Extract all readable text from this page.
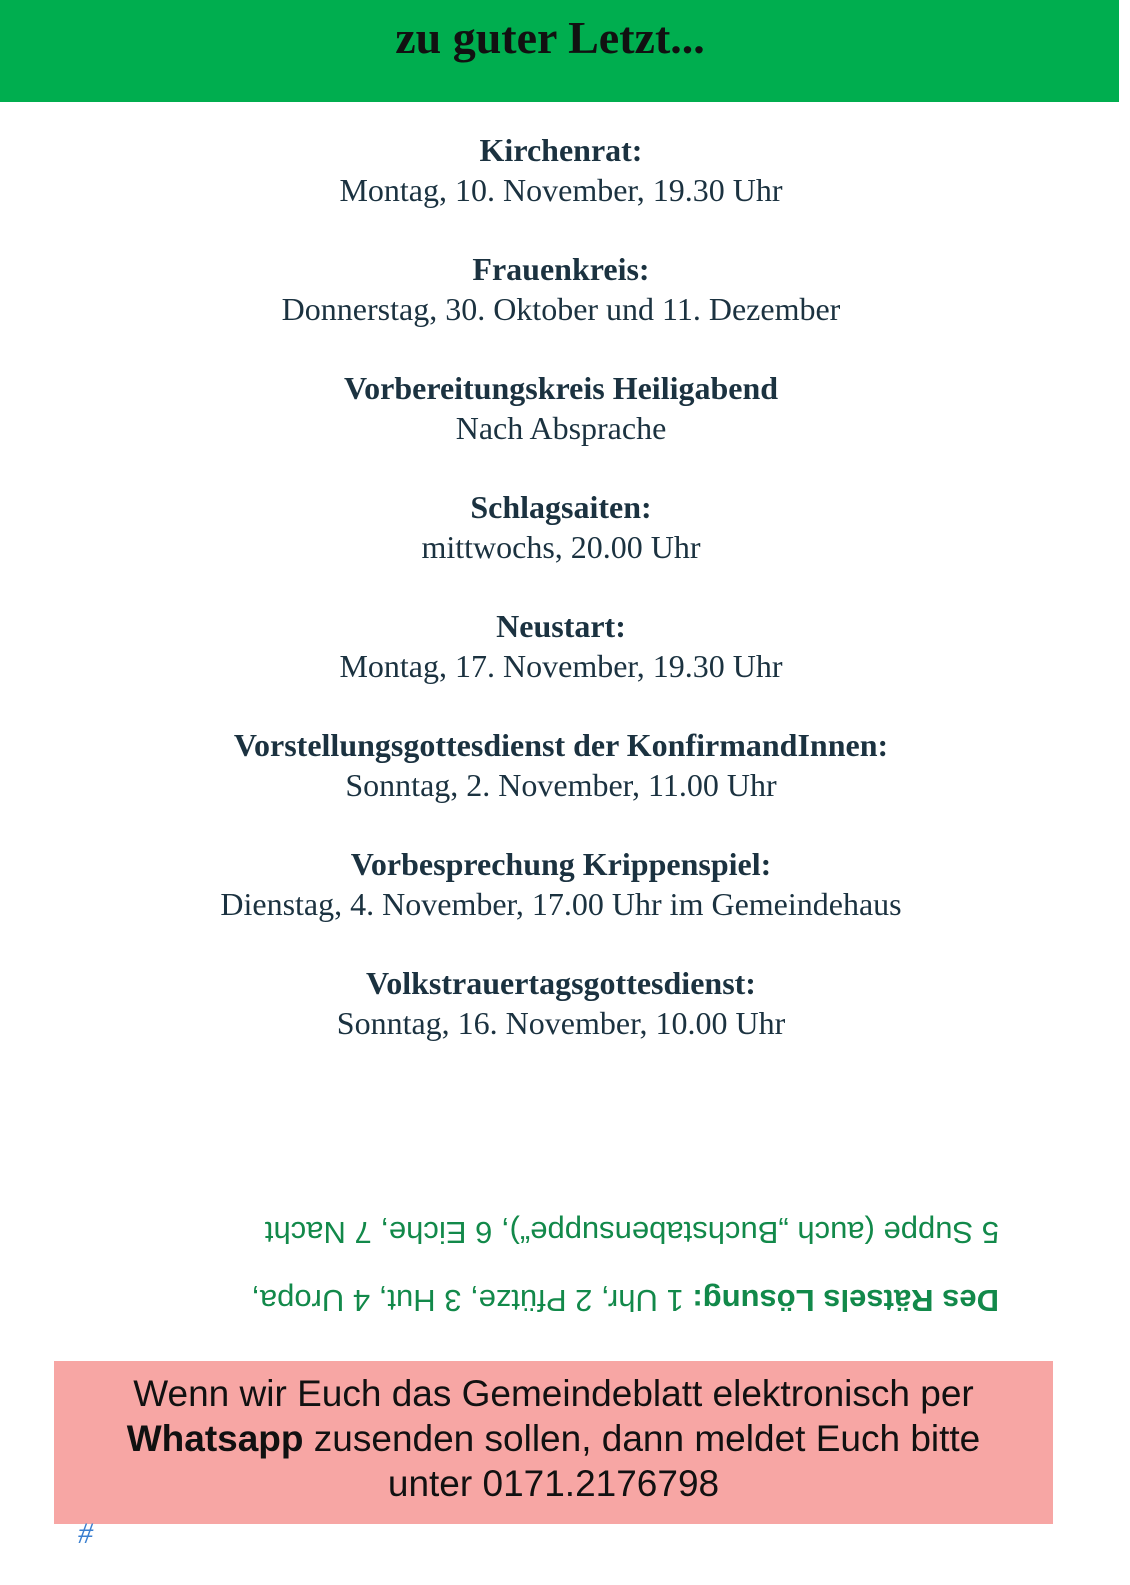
zu guter Letzt...
Kirchenrat:
Montag, 10. November, 19.30 Uhr
Frauenkreis:
Donnerstag, 30. Oktober und 11. Dezember
Vorbereitungskreis Heiligabend
Nach Absprache
Schlagsaiten:
mittwochs, 20.00 Uhr
Neustart:
Montag, 17. November, 19.30 Uhr
Vorstellungsgottesdienst der KonfirmandInnen:
Sonntag, 2. November, 11.00 Uhr
Vorbesprechung Krippenspiel:
Dienstag, 4. November, 17.00 Uhr im Gemeindehaus
Volkstrauertagsgottesdienst:
Sonntag, 16. November, 10.00 Uhr
Des Rätsels Lösung: 1 Uhr, 2 Pfütze, 3 Hut, 4 Uropa,
5 Suppe (auch „Buchstabensuppe“), 6 Eiche, 7 Nacht
Wenn wir Euch das Gemeindeblatt elektronisch per
Whatsapp zusenden sollen, dann meldet Euch bitte
unter 0171.2176798
#
